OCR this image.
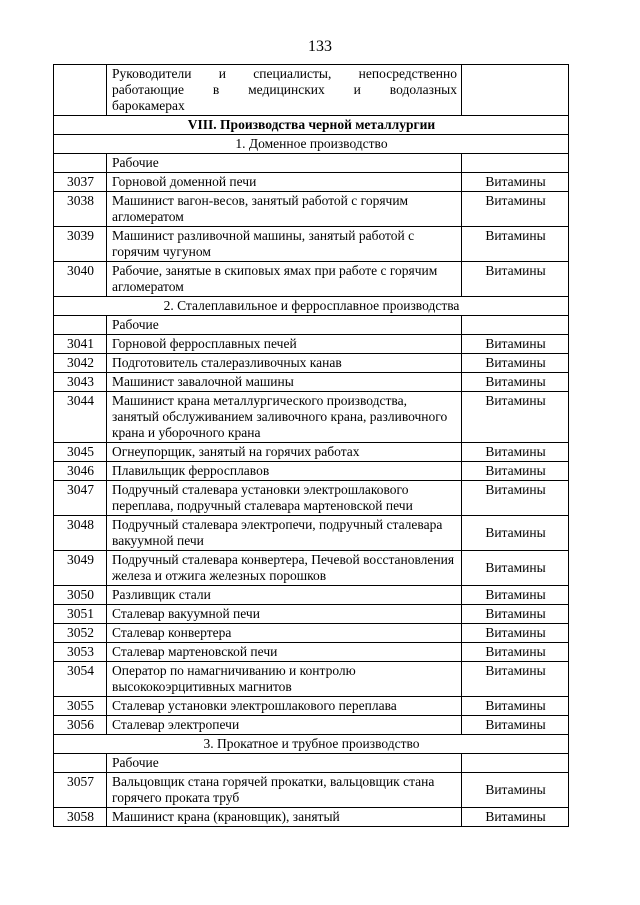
133

	Руководители и специалисты, непосредственно
работающие в медицинских и водолазных
барокамерах	

VIII. Производства черной металлургии		
1. Доменное производство		
	Рабочие	
3037	Горновой доменной печи	Витамины
3038	Машинист вагон-весов, занятый работой с горячим агломератом	Витамины
3039	Машинист разливочной машины, занятый работой с горячим чугуном	Витамины
3040	Рабочие, занятые в скиповых ямах при работе с горячим агломератом	Витамины
2. Сталеплавильное и ферросплавное производства		
	Рабочие	
3041	Горновой ферросплавных печей	Витамины
3042	Подготовитель сталеразливочных канав	Витамины
3043	Машинист завалочной машины	Витамины
3044	Машинист крана металлургического производства, занятый обслуживанием заливочного крана, разливочного крана и уборочного крана	Витамины
3045	Огнеупорщик, занятый на горячих работах	Витамины
3046	Плавильщик ферросплавов	Витамины
3047	Подручный сталевара установки электрошлакового переплава, подручный сталевара мартеновской печи	Витамины
3048	Подручный сталевара электропечи, подручный сталевара вакуумной печи	Витамины
3049	Подручный сталевара конвертера, Печевой восстановления железа и отжига железных порошков	Витамины
3050	Разливщик стали	Витамины
3051	Сталевар вакуумной печи	Витамины
3052	Сталевар конвертера	Витамины
3053	Сталевар мартеновской печи	Витамины
3054	Оператор по намагничиванию и контролю высококоэрцитивных магнитов	Витамины
3055	Сталевар установки электрошлакового переплава	Витамины
3056	Сталевар электропечи	Витамины
3. Прокатное и трубное производство		
	Рабочие	
3057	Вальцовщик стана горячей прокатки, вальцовщик стана горячего проката труб	Витамины
3058	Машинист крана (крановщик), занятый	Витамины
